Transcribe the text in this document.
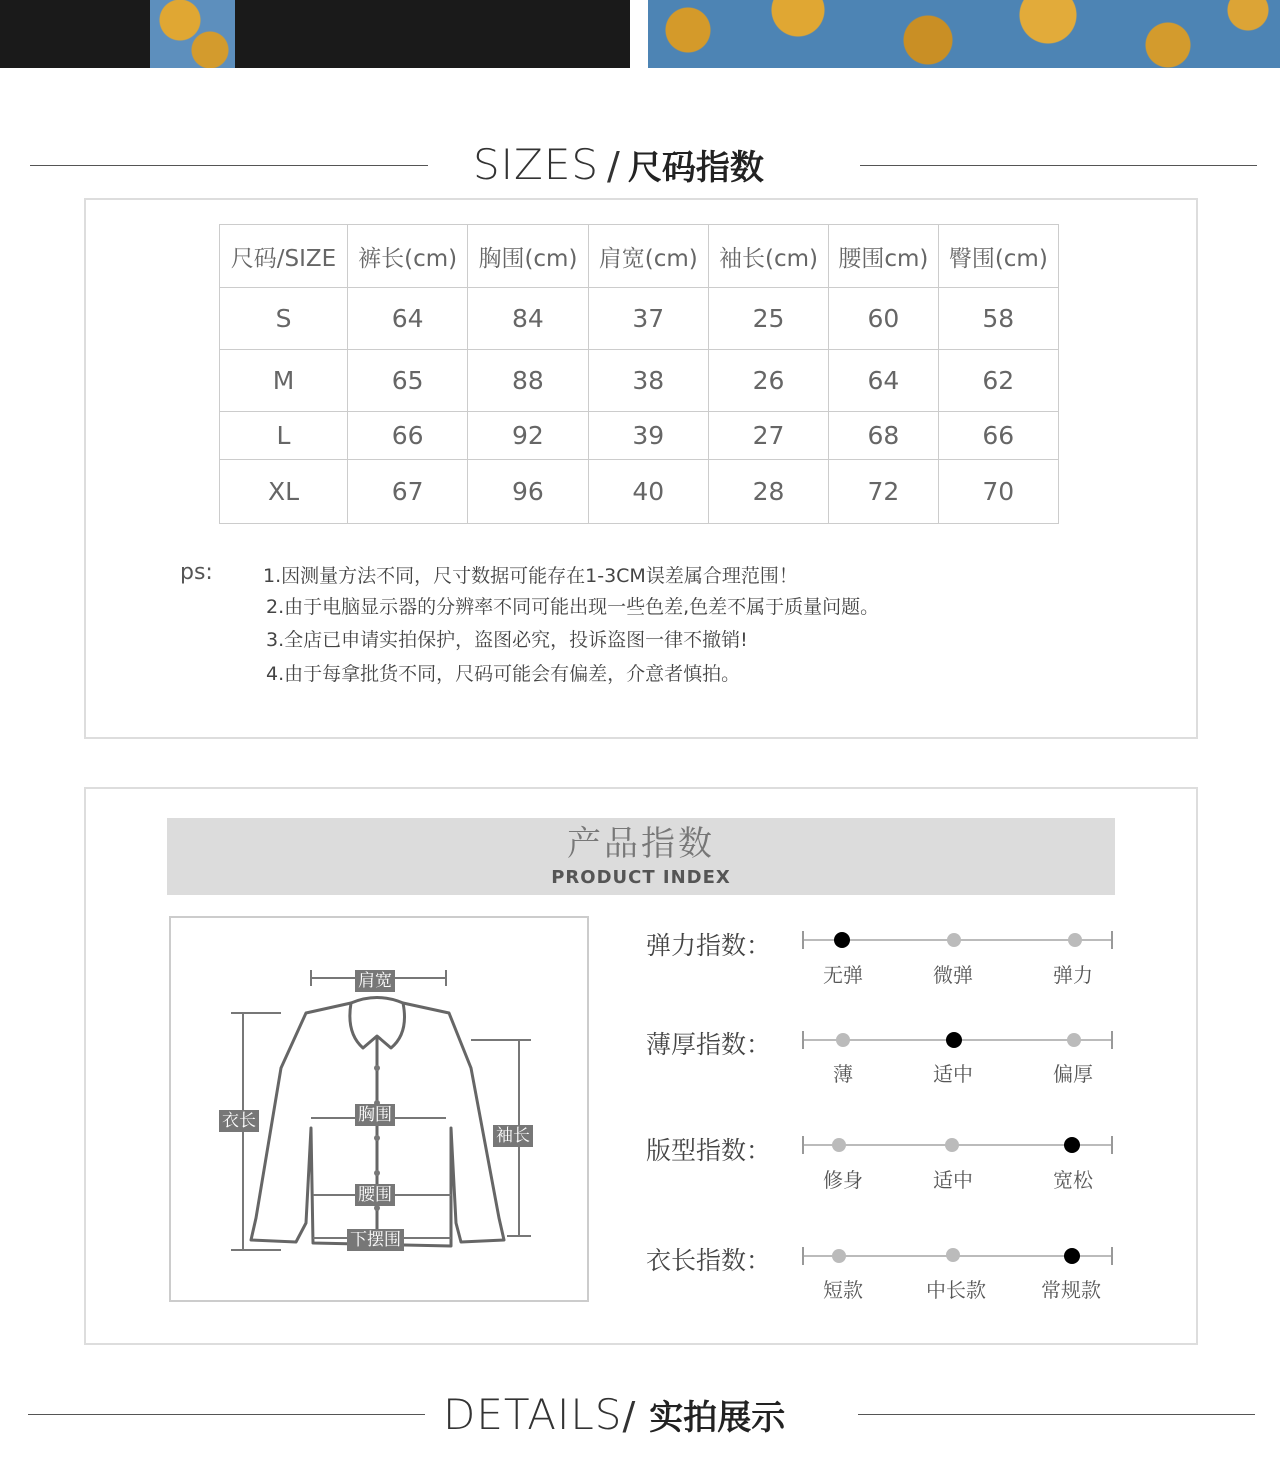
SIZES / 尺码指数
尺码/SIZE	裤长(cm)	胸围(cm)	肩宽(cm)	袖长(cm)	腰围cm)	臀围(cm)
S	64	84	37	25	60	58
M	65	88	38	26	64	62
L	66	92	39	27	68	66
XL	67	96	40	28	72	70
ps:	1.因测量方法不同，尺寸数据可能存在1-3CM误差属合理范围！
2.由于电脑显示器的分辨率不同可能出现一些色差,色差不属于质量问题。
3.全店已申请实拍保护，盗图必究，投诉盗图一律不撤销!
4.由于每拿批货不同，尺码可能会有偏差，介意者慎拍。
产品指数
PRODUCT INDEX
肩宽
衣长	胸围
袖长
腰围
下摆围
弹力指数：
无弹	微弹	弹力
薄厚指数：
薄	适中	偏厚
版型指数：
修身	适中	宽松
衣长指数：
短款	中长款	常规款
DETAILS / 实拍展示
